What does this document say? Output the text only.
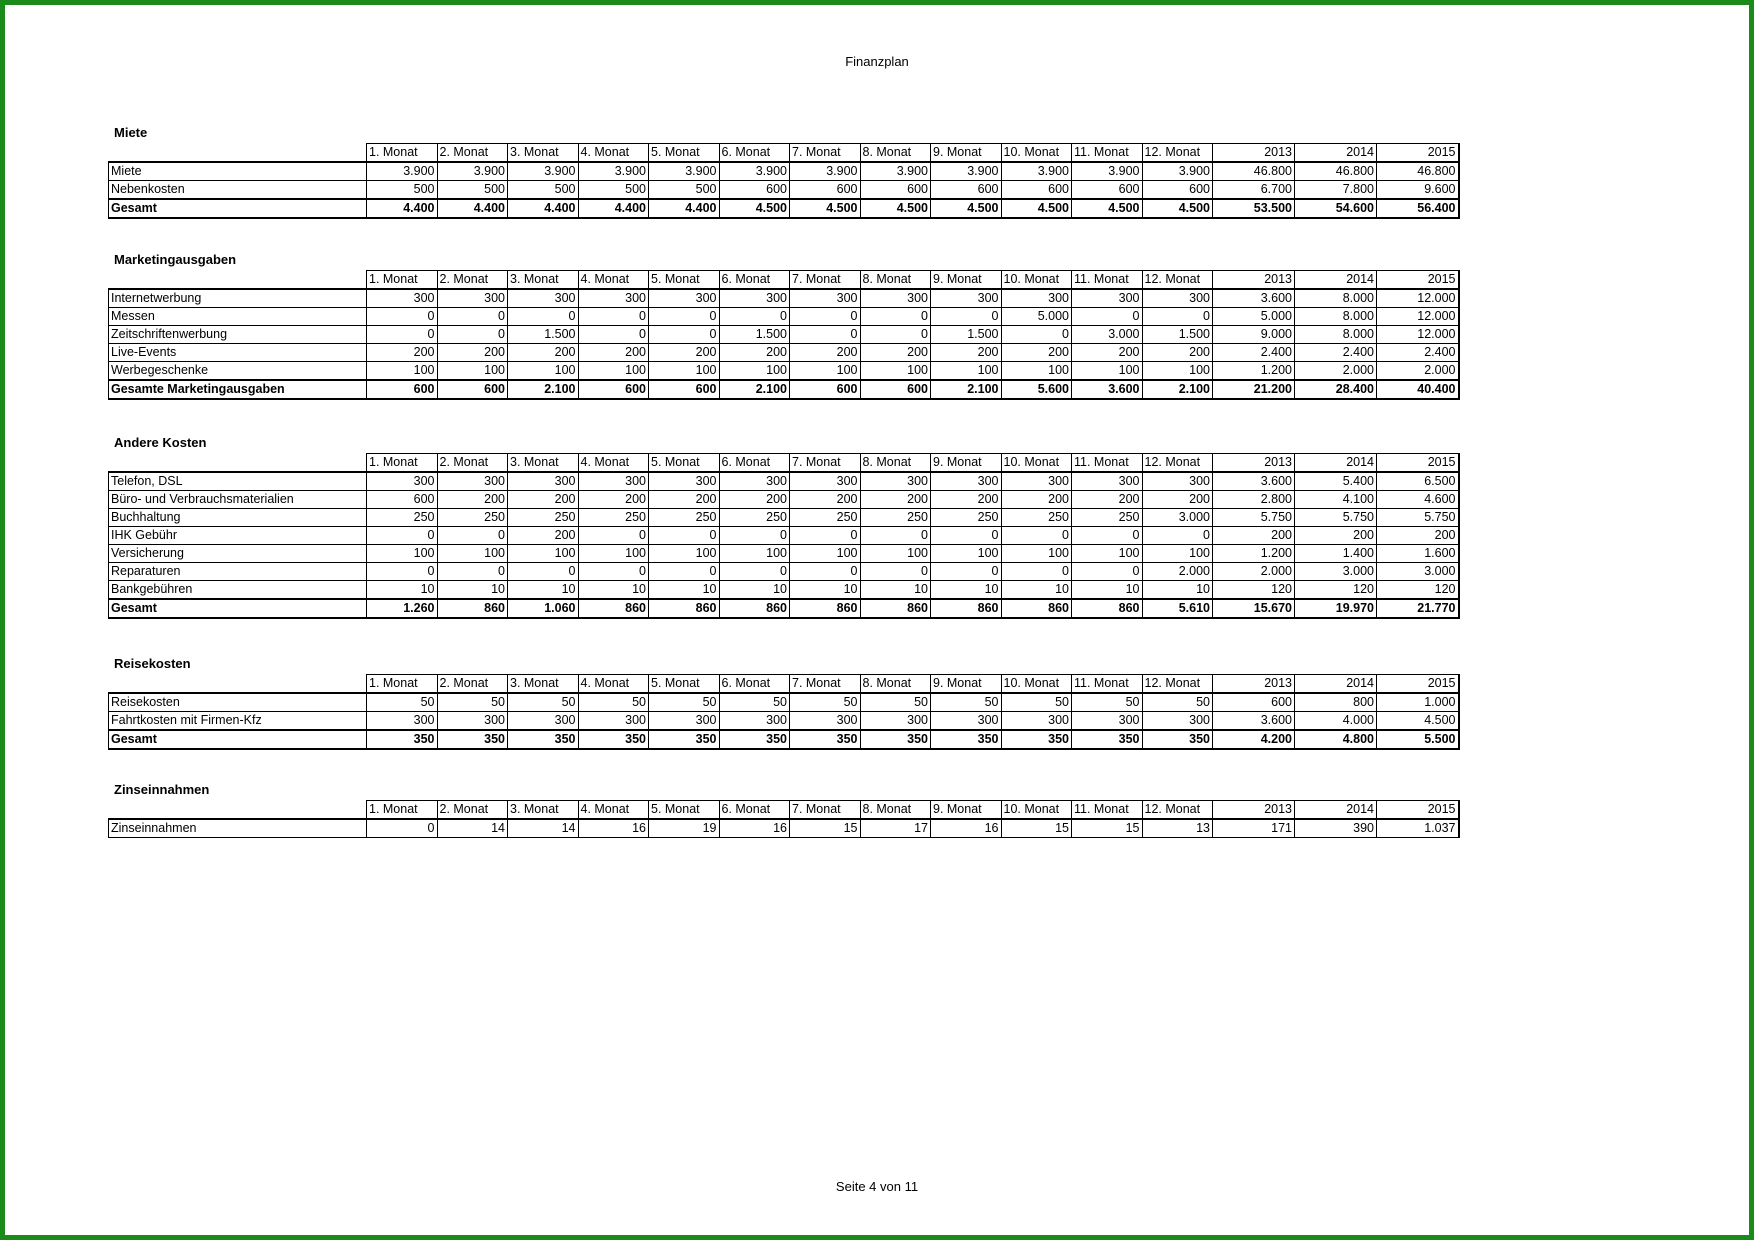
Finanzplan
Miete
	1. Monat	2. Monat	3. Monat	4. Monat	5. Monat	6. Monat	7. Monat	8. Monat	9. Monat	10. Monat	11. Monat	12. Monat	2013	2014	2015
Miete	3.900	3.900	3.900	3.900	3.900	3.900	3.900	3.900	3.900	3.900	3.900	3.900	46.800	46.800	46.800
Nebenkosten	500	500	500	500	500	600	600	600	600	600	600	600	6.700	7.800	9.600
Gesamt	4.400	4.400	4.400	4.400	4.400	4.500	4.500	4.500	4.500	4.500	4.500	4.500	53.500	54.600	56.400
Marketingausgaben
	1. Monat	2. Monat	3. Monat	4. Monat	5. Monat	6. Monat	7. Monat	8. Monat	9. Monat	10. Monat	11. Monat	12. Monat	2013	2014	2015
Internetwerbung	300	300	300	300	300	300	300	300	300	300	300	300	3.600	8.000	12.000
Messen	0	0	0	0	0	0	0	0	0	5.000	0	0	5.000	8.000	12.000
Zeitschriftenwerbung	0	0	1.500	0	0	1.500	0	0	1.500	0	3.000	1.500	9.000	8.000	12.000
Live-Events	200	200	200	200	200	200	200	200	200	200	200	200	2.400	2.400	2.400
Werbegeschenke	100	100	100	100	100	100	100	100	100	100	100	100	1.200	2.000	2.000
Gesamte Marketingausgaben	600	600	2.100	600	600	2.100	600	600	2.100	5.600	3.600	2.100	21.200	28.400	40.400
Andere Kosten
	1. Monat	2. Monat	3. Monat	4. Monat	5. Monat	6. Monat	7. Monat	8. Monat	9. Monat	10. Monat	11. Monat	12. Monat	2013	2014	2015
Telefon, DSL	300	300	300	300	300	300	300	300	300	300	300	300	3.600	5.400	6.500
Büro- und Verbrauchsmaterialien	600	200	200	200	200	200	200	200	200	200	200	200	2.800	4.100	4.600
Buchhaltung	250	250	250	250	250	250	250	250	250	250	250	3.000	5.750	5.750	5.750
IHK Gebühr	0	0	200	0	0	0	0	0	0	0	0	0	200	200	200
Versicherung	100	100	100	100	100	100	100	100	100	100	100	100	1.200	1.400	1.600
Reparaturen	0	0	0	0	0	0	0	0	0	0	0	2.000	2.000	3.000	3.000
Bankgebühren	10	10	10	10	10	10	10	10	10	10	10	10	120	120	120
Gesamt	1.260	860	1.060	860	860	860	860	860	860	860	860	5.610	15.670	19.970	21.770
Reisekosten
	1. Monat	2. Monat	3. Monat	4. Monat	5. Monat	6. Monat	7. Monat	8. Monat	9. Monat	10. Monat	11. Monat	12. Monat	2013	2014	2015
Reisekosten	50	50	50	50	50	50	50	50	50	50	50	50	600	800	1.000
Fahrtkosten mit Firmen-Kfz	300	300	300	300	300	300	300	300	300	300	300	300	3.600	4.000	4.500
Gesamt	350	350	350	350	350	350	350	350	350	350	350	350	4.200	4.800	5.500
Zinseinnahmen
	1. Monat	2. Monat	3. Monat	4. Monat	5. Monat	6. Monat	7. Monat	8. Monat	9. Monat	10. Monat	11. Monat	12. Monat	2013	2014	2015
Zinseinnahmen	0	14	14	16	19	16	15	17	16	15	15	13	171	390	1.037
Seite 4 von 11
